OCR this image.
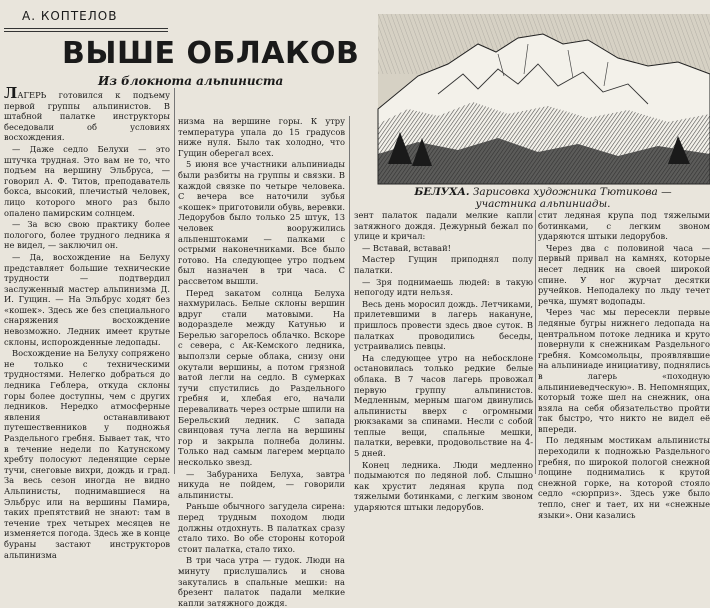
А. КОПТЕЛОВ
ВЫШЕ ОБЛАКОВ
Из блокнота альпиниста
БЕЛУХА. Зарисовка художника Тютикова — участника альпиниады.

ЛАГЕРЬ готовился к подъему первой группы альпинистов. В штабной палатке инструкторы беседовали об условиях восхождения.

— Даже седло Белухи — это штучка трудная. Это вам не то, что подъем на вершину Эльбруса, — говорил А. Ф. Титов, преподаватель бокса, высокий, плечистый человек, лицо которого много раз было опалено памирским солнцем.

— За всю свою практику более пологого, более трудного ледника я не видел, — заключил он.

— Да, восхождение на Белуху представляет большие технические трудности — подтвердил заслуженный мастер альпинизма Д. И. Гущин. — На Эльбрус ходят без «кошек». Здесь же без специального снаряжения восхождение невозможно. Ледник имеет крутые склоны, испорожденные ледопады.

Восхождение на Белуху сопряжено не только с техническими трудностями. Нелегко добраться до ледника Геблера, откуда склоны горы более доступны, чем с других ледников. Нередко атмосферные явления останавливают путешественников у подножья Раздельного гребня. Бывает так, что в течение недели по Катунскому хребту полосуют леденящие серые тучи, снеговые вихри, дождь и град. За весь сезон иногда не видно Альпинисты, поднимавшиеся на Эльбрус или на вершины Памира, таких препятствий не знают: там в течение трех четырех месяцев не изменяется погода. Здесь же в конце бураны застают инструкторов альпинизма

низма на вершине горы. К утру температура упала до 15 градусов ниже нуля. Было так холодно, что Гущин оберегал всех.

5 июня все участники альпиниады были разбиты на группы и связки. В каждой связке по четыре человека. С вечера все наточили зубья «кошек» приготовили обувь, веревки. Ледорубов было только 25 штук, 13 человек вооружились альпенштоками — палками с острыми наконечниками. Все было готово. На следующее утро подъем был назначен в три часа. С рассветом вышли.

Перед закатом солнца Белуха нахмурилась. Белые склоны вершин вдруг стали матовыми. На водоразделе между Катунью и Берелью загорелось облачко. Вскоре с севера, с Ак-Кемского ледника, выползли серые облака, снизу они окутали вершины, а потом грязной ватой легли на седло. В сумерках тучи спустились до Раздельного гребня и, хлебая его, начали переваливать через острые шпили на Берельский ледник. С запада свинцовая туча легла на вершины гор и закрыла полнеба долины. Только над самым лагерем мерцало несколько звезд.

— Забураниха Белуха, завтра никуда не пойдем, — говорили альпинисты.

Раньше обычного загудела сирена: перед трудным походом люди должны отдохнуть. В палатках сразу стало тихо. Во обе стороны которой стоит палатка, стало тихо.

В три часа утра — гудок. Люди на минуту прислушались и снова закутались в спальные мешки: на брезент палаток падали мелкие капли затяжного дождя.

зент палаток падали мелкие капли затяжного дождя. Дежурный бежал по улице и кричал:

— Вставай, вставай!

Мастер Гущин приподнял полу палатки.

— Зря поднимаешь людей: в такую непогоду идти нельзя.

Весь день моросил дождь. Летчиками, прилетевшими в лагерь накануне, пришлось провести здесь двое суток. В палатках проводились беседы, устраивались певцы.

На следующее утро на небосклоне остановилась только редкие белые облака. В 7 часов лагерь провожал первую группу альпинистов. Медленным, мерным шагом двинулись альпинисты вверх с огромными рюкзаками за спинами. Несли с собой теплые вещи, спальные мешки, палатки, веревки, продовольствие на 4-5 дней.

Конец ледника. Люди медленно подымаются по ледяной лоб. Слышно как хрустит ледяная крупа под тяжелыми ботинками, с легким звоном ударяются штыки ледорубов.

стит ледяная крупа под тяжелыми ботинками, с легким звоном ударяются штыки ледорубов.

Через два с половиной часа — первый привал на камнях, которые несет ледник на своей широкой спине. У ног журчат десятки ручейков. Неподалеку по льду течет речка, шумят водопады.

Через час мы пересекли первые ледяные бугры нижнего ледопада на центральном потоке ледника и круто повернули к снежникам Раздельного гребня. Комсомольцы, проявлявшие на альпиниаде инициативу, поднялись в лагерь «походную альпиниеведческую». В. Непомнящих, который тоже шел на снежник, она взяла на себя обязательство пройти так быстро, что никто не видел её впереди.

По ледяным мостикам альпинисты переходили к подножью Раздельного гребня, по широкой пологой снежной лощине поднимались к крутой снежной горке, на которой стояло седло «сюрприз». Здесь уже было тепло, снег и тает, их ни «снежные языки». Они казались
